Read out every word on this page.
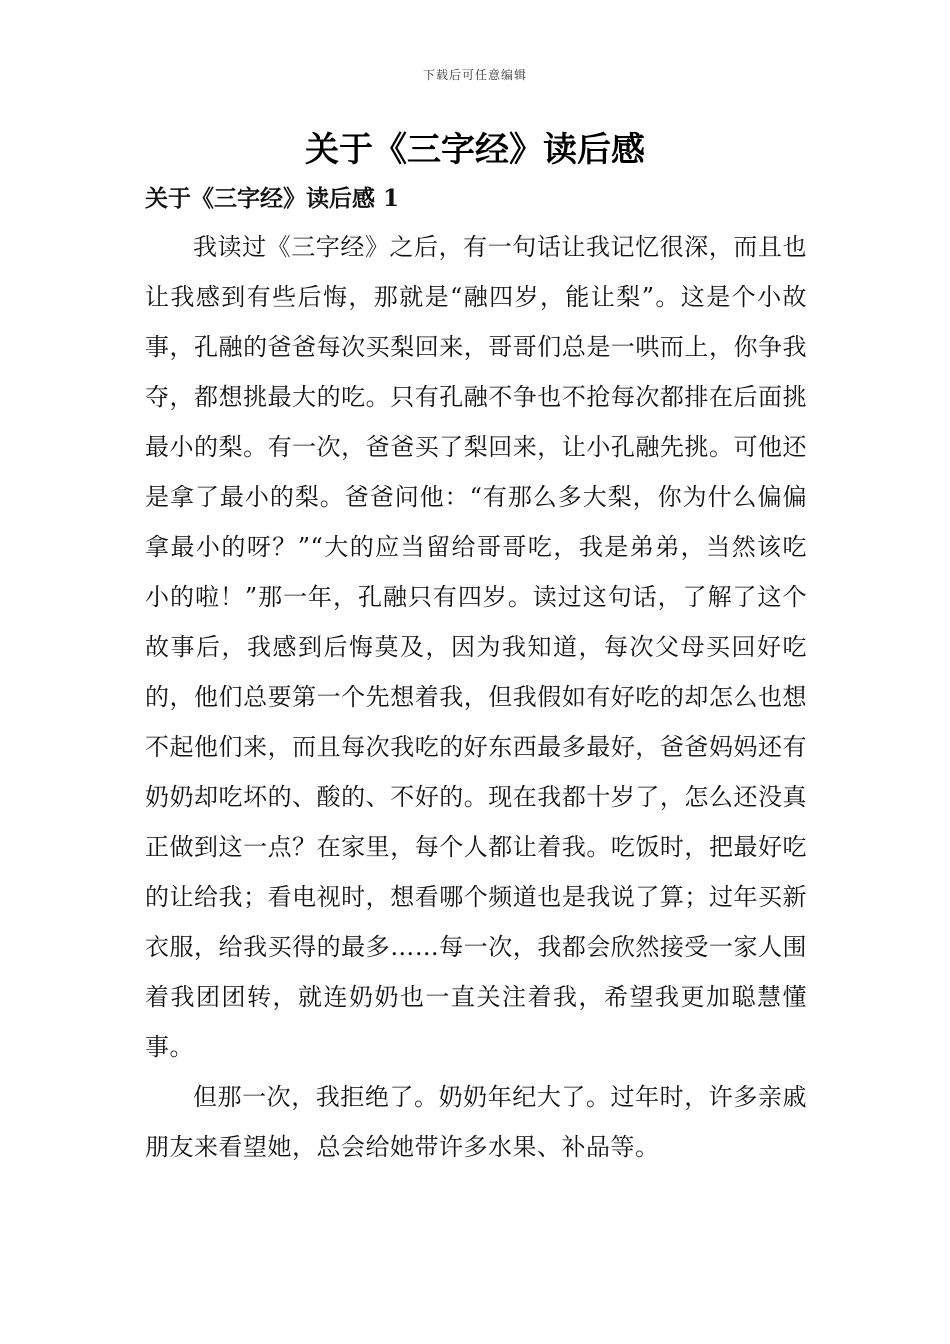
下载后可任意编辑
关于《三字经》读后感
关于《三字经》读后感 1

我读过《三字经》之后，有一句话让我记忆很深，而且也让我感到有些后悔，那就是“融四岁，能让梨”。这是个小故事，孔融的爸爸每次买梨回来，哥哥们总是一哄而上，你争我夺，都想挑最大的吃。只有孔融不争也不抢每次都排在后面挑最小的梨。有一次，爸爸买了梨回来，让小孔融先挑。可他还是拿了最小的梨。爸爸问他：“有那么多大梨，你为什么偏偏拿最小的呀？”“大的应当留给哥哥吃，我是弟弟，当然该吃小的啦！”那一年，孔融只有四岁。读过这句话，了解了这个故事后，我感到后悔莫及，因为我知道，每次父母买回好吃的，他们总要第一个先想着我，但我假如有好吃的却怎么也想不起他们来，而且每次我吃的好东西最多最好，爸爸妈妈还有奶奶却吃坏的、酸的、不好的。现在我都十岁了，怎么还没真正做到这一点？在家里，每个人都让着我。吃饭时，把最好吃的让给我；看电视时，想看哪个频道也是我说了算；过年买新衣服，给我买得的最多……每一次，我都会欣然接受一家人围着我团团转，就连奶奶也一直关注着我，希望我更加聪慧懂事。

但那一次，我拒绝了。奶奶年纪大了。过年时，许多亲戚朋友来看望她，总会给她带许多水果、补品等。
